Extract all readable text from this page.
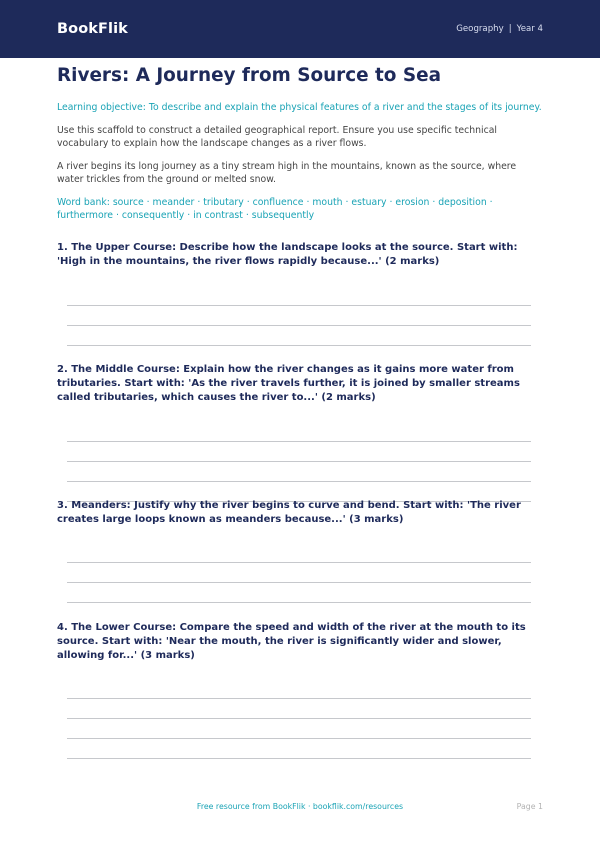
BookFlik	Geography | Year 4
Rivers: A Journey from Source to Sea
Learning objective: To describe and explain the physical features of a river and the stages of its journey.
Use this scaffold to construct a detailed geographical report. Ensure you use specific technical vocabulary to explain how the landscape changes as a river flows.
A river begins its long journey as a tiny stream high in the mountains, known as the source, where water trickles from the ground or melted snow.
Word bank: source · meander · tributary · confluence · mouth · estuary · erosion · deposition · furthermore · consequently · in contrast · subsequently
1. The Upper Course: Describe how the landscape looks at the source. Start with: 'High in the mountains, the river flows rapidly because...' (2 marks)
2. The Middle Course: Explain how the river changes as it gains more water from tributaries. Start with: 'As the river travels further, it is joined by smaller streams called tributaries, which causes the river to...' (2 marks)
3. Meanders: Justify why the river begins to curve and bend. Start with: 'The river creates large loops known as meanders because...' (3 marks)
4. The Lower Course: Compare the speed and width of the river at the mouth to its source. Start with: 'Near the mouth, the river is significantly wider and slower, allowing for...' (3 marks)
Free resource from BookFlik · bookflik.com/resources	Page 1
